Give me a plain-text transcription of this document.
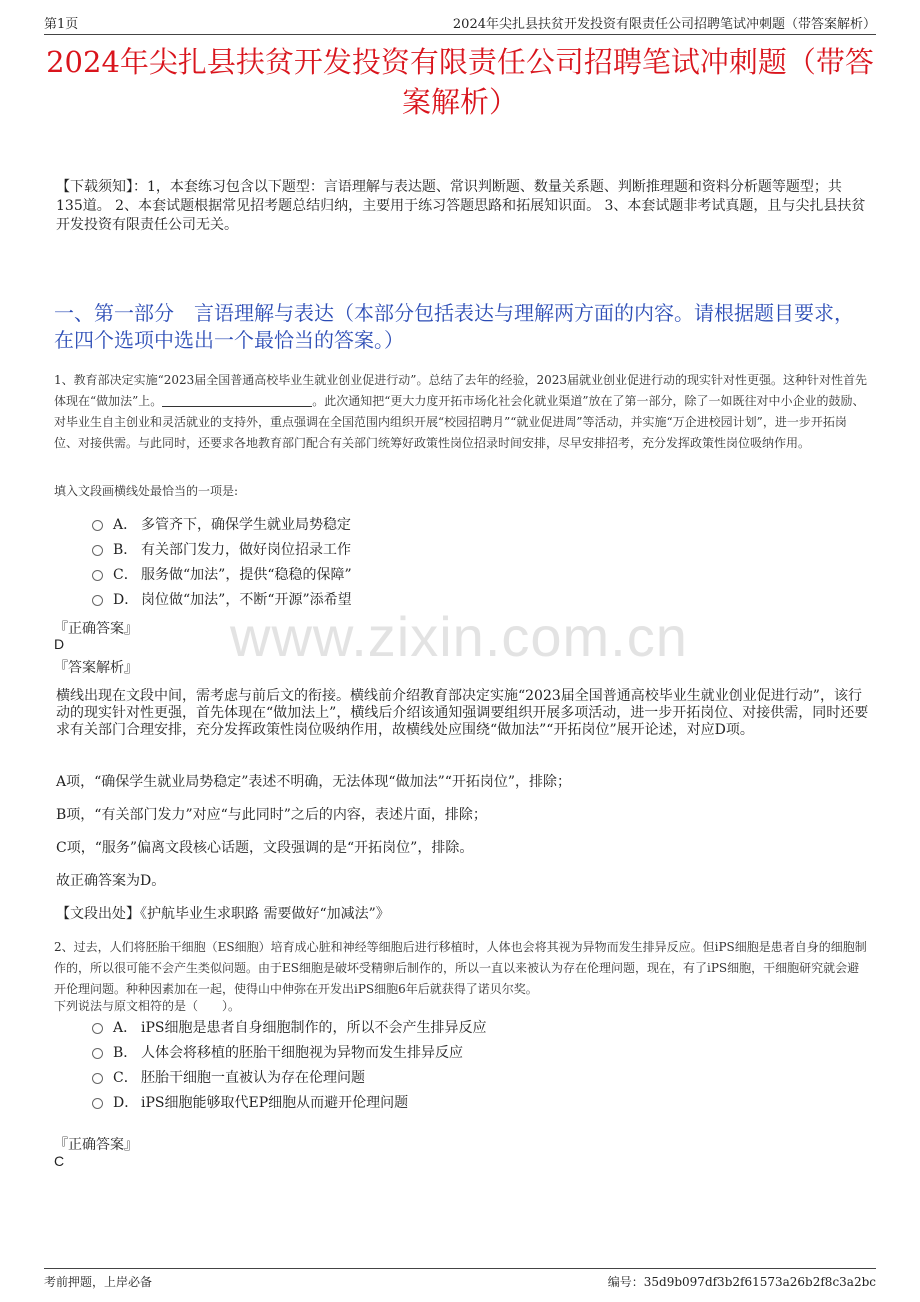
第1页	2024年尖扎县扶贫开发投资有限责任公司招聘笔试冲刺题（带答案解析）
2024年尖扎县扶贫开发投资有限责任公司招聘笔试冲刺题（带答案解析）
【下载须知】：1，本套练习包含以下题型：言语理解与表达题、常识判断题、数量关系题、判断推理题和资料分析题等题型；共135道。 2、本套试题根据常见招考题总结归纳，主要用于练习答题思路和拓展知识面。 3、本套试题非考试真题，且与尖扎县扶贫开发投资有限责任公司无关。
一、第一部分　言语理解与表达（本部分包括表达与理解两方面的内容。请根据题目要求，在四个选项中选出一个最恰当的答案。）
1、教育部决定实施“2023届全国普通高校毕业生就业创业促进行动”。总结了去年的经验，2023届就业创业促进行动的现实针对性更强。这种针对性首先体现在“做加法”上。	。此次通知把“更大力度开拓市场化社会化就业渠道”放在了第一部分，除了一如既往对中小企业的鼓励、对毕业生自主创业和灵活就业的支持外，重点强调在全国范围内组织开展“校园招聘月”“就业促进周”等活动，并实施“万企进校园计划”，进一步开拓岗位、对接供需。与此同时，还要求各地教育部门配合有关部门统筹好政策性岗位招录时间安排，尽早安排招考，充分发挥政策性岗位吸纳作用。
填入文段画横线处最恰当的一项是:
A． 多管齐下，确保学生就业局势稳定
B． 有关部门发力，做好岗位招录工作
C． 服务做“加法”，提供“稳稳的保障”
D． 岗位做“加法”，不断“开源”添希望
www.zixin.com.cn
『正确答案』
D
『答案解析』
横线出现在文段中间，需考虑与前后文的衔接。横线前介绍教育部决定实施“2023届全国普通高校毕业生就业创业促进行动”，该行动的现实针对性更强，首先体现在“做加法上”，横线后介绍该通知强调要组织开展多项活动，进一步开拓岗位、对接供需，同时还要求有关部门合理安排，充分发挥政策性岗位吸纳作用，故横线处应围绕“做加法”“开拓岗位”展开论述，对应D项。
A项，“确保学生就业局势稳定”表述不明确，无法体现“做加法”“开拓岗位”，排除；
B项，“有关部门发力”对应“与此同时”之后的内容，表述片面，排除；
C项，“服务”偏离文段核心话题，文段强调的是“开拓岗位”，排除。
故正确答案为D。
【文段出处】《护航毕业生求职路 需要做好“加减法”》
2、过去，人们将胚胎干细胞（ES细胞）培育成心脏和神经等细胞后进行移植时，人体也会将其视为异物而发生排异反应。但iPS细胞是患者自身的细胞制作的，所以很可能不会产生类似问题。由于ES细胞是破坏受精卵后制作的，所以一直以来被认为存在伦理问题，现在，有了iPS细胞，干细胞研究就会避开伦理问题。种种因素加在一起，使得山中伸弥在开发出iPS细胞6年后就获得了诺贝尔奖。
下列说法与原文相符的是（　　）。
A． iPS细胞是患者自身细胞制作的，所以不会产生排异反应
B． 人体会将移植的胚胎干细胞视为异物而发生排异反应
C． 胚胎干细胞一直被认为存在伦理问题
D． iPS细胞能够取代EP细胞从而避开伦理问题
『正确答案』
C
考前押题，上岸必备	编号：35d9b097df3b2f61573a26b2f8c3a2bc
